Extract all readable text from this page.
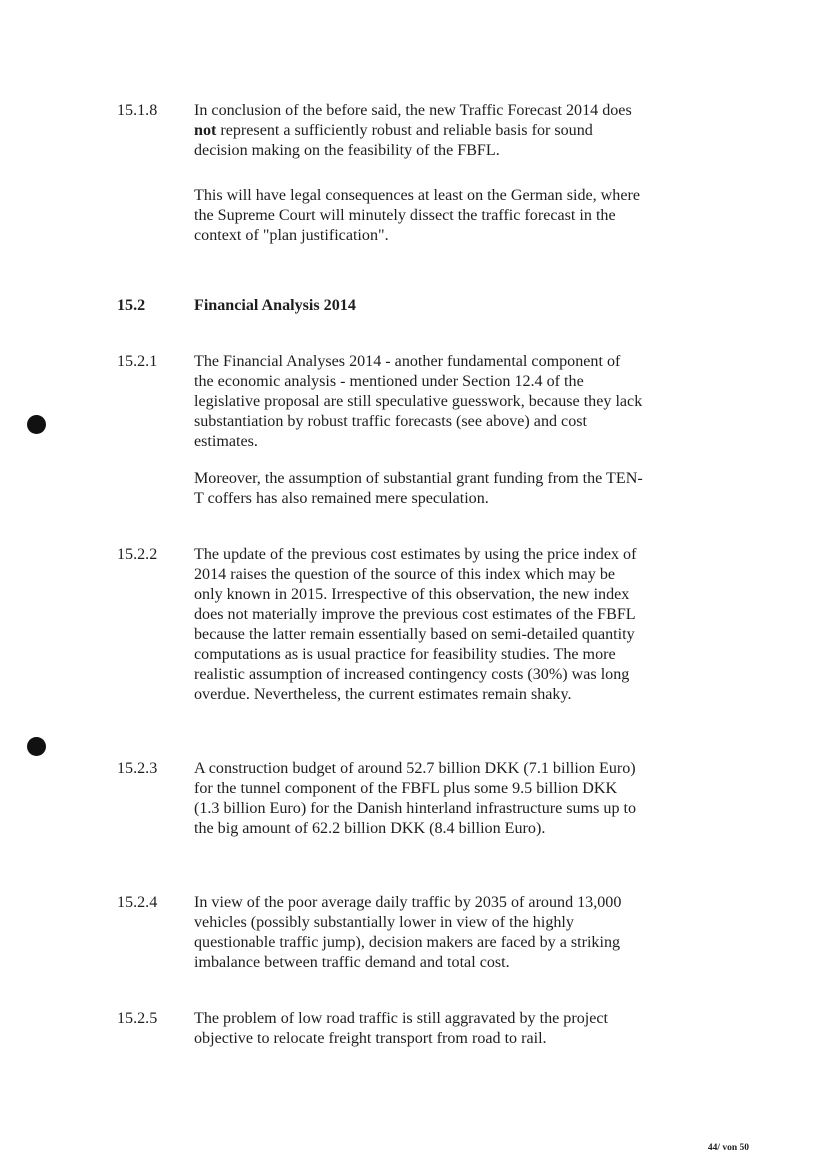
15.1.8 In conclusion of the before said, the new Traffic Forecast 2014 does not represent a sufficiently robust and reliable basis for sound decision making on the feasibility of the FBFL.
This will have legal consequences at least on the German side, where the Supreme Court will minutely dissect the traffic forecast in the context of "plan justification".
15.2	Financial Analysis 2014
15.2.1 The Financial Analyses 2014 - another fundamental component of the economic analysis - mentioned under Section 12.4 of the legislative proposal are still speculative guesswork, because they lack substantiation by robust traffic forecasts (see above) and cost estimates.
Moreover, the assumption of substantial grant funding from the TEN-T coffers has also remained mere speculation.
15.2.2 The update of the previous cost estimates by using the price index of 2014 raises the question of the source of this index which may be only known in 2015. Irrespective of this observation, the new index does not materially improve the previous cost estimates of the FBFL because the latter remain essentially based on semi-detailed quantity computations as is usual practice for feasibility studies. The more realistic assumption of increased contingency costs (30%) was long overdue. Nevertheless, the current estimates remain shaky.
15.2.3 A construction budget of around 52.7 billion DKK (7.1 billion Euro) for the tunnel component of the FBFL plus some 9.5 billion DKK (1.3 billion Euro) for the Danish hinterland infrastructure sums up to the big amount of 62.2 billion DKK (8.4 billion Euro).
15.2.4 In view of the poor average daily traffic by 2035 of around 13,000 vehicles (possibly substantially lower in view of the highly questionable traffic jump), decision makers are faced by a striking imbalance between traffic demand and total cost.
15.2.5 The problem of low road traffic is still aggravated by the project objective to relocate freight transport from road to rail.
44/ von 50
